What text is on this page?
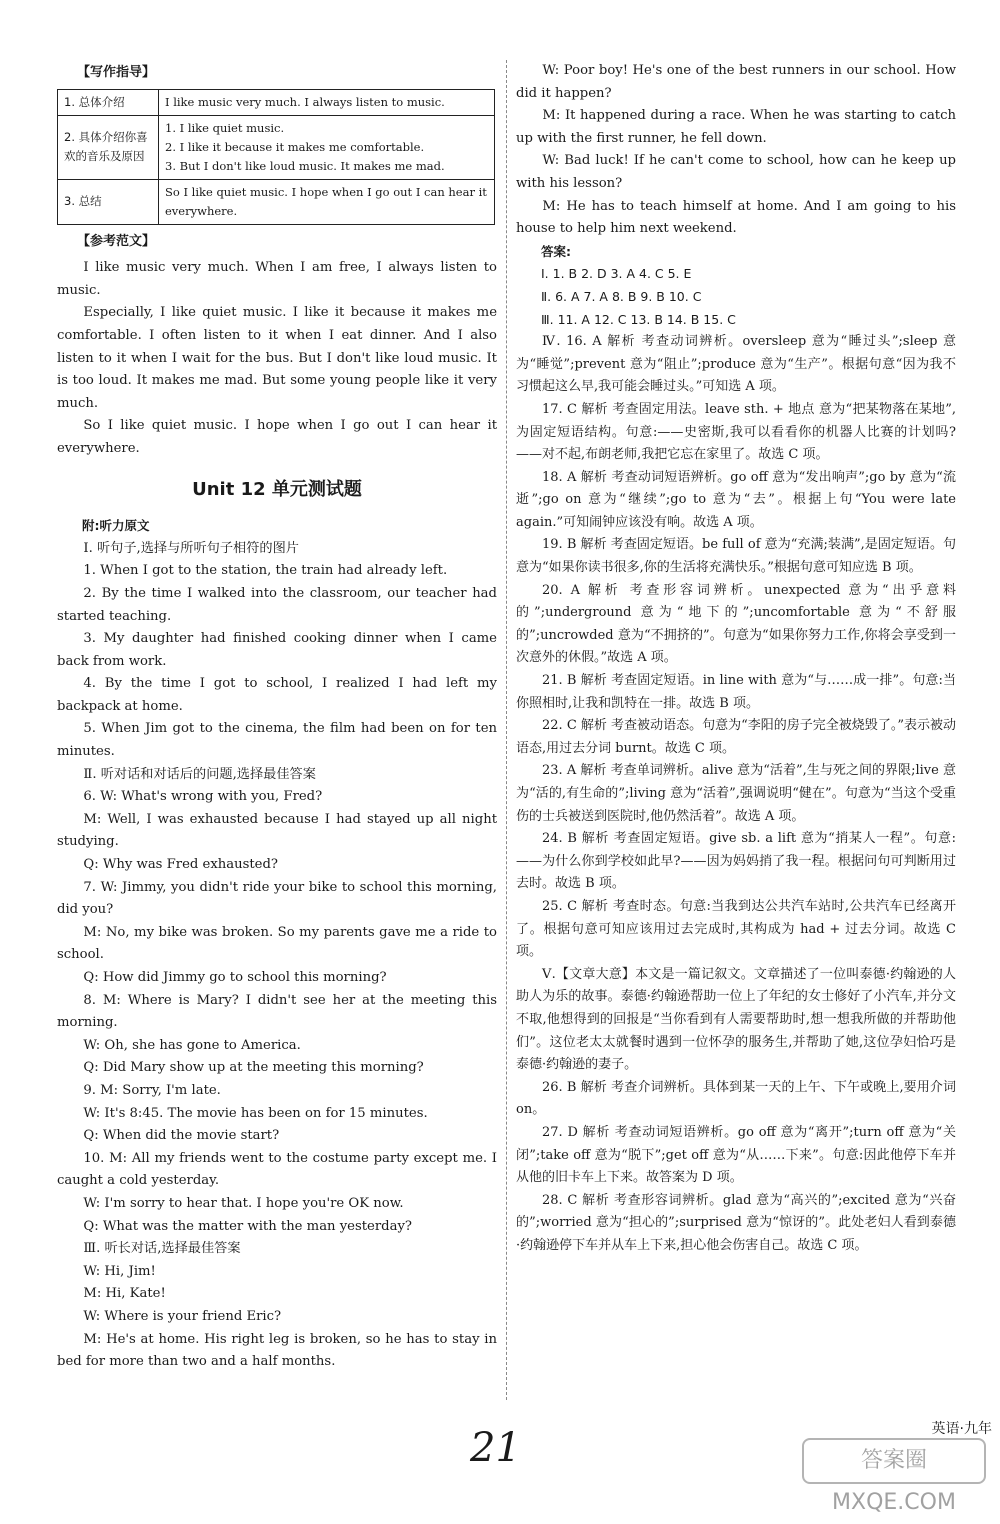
【写作指导】
1. 总体介绍	I like music very much. I always listen to music.
2. 具体介绍你喜欢的音乐及原因	1. I like quiet music.
2. I like it because it makes me comfortable.
3. But I don't like loud music. It makes me mad.
3. 总结	So I like quiet music. I hope when I go out I can hear it everywhere.
【参考范文】

I like music very much. When I am free, I always listen to music.

Especially, I like quiet music. I like it because it makes me comfortable. I often listen to it when I eat dinner. And I also listen to it when I wait for the bus. But I don't like loud music. It is too loud. It makes me mad. But some young people like it very much.

So I like quiet music. I hope when I go out I can hear it everywhere.

Unit 12 单元测试题
附:听力原文

Ⅰ. 听句子,选择与所听句子相符的图片

1. When I got to the station, the train had already left.

2. By the time I walked into the classroom, our teacher had started teaching.

3. My daughter had finished cooking dinner when I came back from work.

4. By the time I got to school, I realized I had left my backpack at home.

5. When Jim got to the cinema, the film had been on for ten minutes.

Ⅱ. 听对话和对话后的问题,选择最佳答案

6. W: What's wrong with you, Fred?

M: Well, I was exhausted because I had stayed up all night studying.

Q: Why was Fred exhausted?

7. W: Jimmy, you didn't ride your bike to school this morning, did you?

M: No, my bike was broken. So my parents gave me a ride to school.

Q: How did Jimmy go to school this morning?

8. M: Where is Mary? I didn't see her at the meeting this morning.

W: Oh, she has gone to America.

Q: Did Mary show up at the meeting this morning?

9. M: Sorry, I'm late.

W: It's 8:45. The movie has been on for 15 minutes.

Q: When did the movie start?

10. M: All my friends went to the costume party except me. I caught a cold yesterday.

W: I'm sorry to hear that. I hope you're OK now.

Q: What was the matter with the man yesterday?

Ⅲ. 听长对话,选择最佳答案

W: Hi, Jim!

M: Hi, Kate!

W: Where is your friend Eric?

M: He's at home. His right leg is broken, so he has to stay in bed for more than two and a half months.

W: Poor boy! He's one of the best runners in our school. How did it happen?

M: It happened during a race. When he was starting to catch up with the first runner, he fell down.

W: Bad luck! If he can't come to school, how can he keep up with his lesson?

M: He has to teach himself at home. And I am going to his house to help him next weekend.

答案:

Ⅰ. 1. B 2. D 3. A 4. C 5. E

Ⅱ. 6. A 7. A 8. B 9. B 10. C

Ⅲ. 11. A 12. C 13. B 14. B 15. C

Ⅳ. 16. A 解析 考查动词辨析。oversleep 意为“睡过头”;sleep 意为“睡觉”;prevent 意为“阻止”;produce 意为“生产”。根据句意“因为我不习惯起这么早,我可能会睡过头。”可知选 A 项。

17. C 解析 考查固定用法。leave sth. + 地点 意为“把某物落在某地”,为固定短语结构。句意:——史密斯,我可以看看你的机器人比赛的计划吗?——对不起,布朗老师,我把它忘在家里了。故选 C 项。

18. A 解析 考查动词短语辨析。go off 意为“发出响声”;go by 意为“流逝”;go on 意为“继续”;go to 意为“去”。根据上句“You were late again.”可知闹钟应该没有响。故选 A 项。

19. B 解析 考查固定短语。be full of 意为“充满;装满”,是固定短语。句意为“如果你读书很多,你的生活将充满快乐。”根据句意可知应选 B 项。

20. A 解析 考查形容词辨析。unexpected 意为“出乎意料的”;underground 意为“地下的”;uncomfortable 意为“不舒服的”;uncrowded 意为“不拥挤的”。句意为“如果你努力工作,你将会享受到一次意外的休假。”故选 A 项。

21. B 解析 考查固定短语。in line with 意为“与……成一排”。句意:当你照相时,让我和凯特在一排。故选 B 项。

22. C 解析 考查被动语态。句意为“李阳的房子完全被烧毁了。”表示被动语态,用过去分词 burnt。故选 C 项。

23. A 解析 考查单词辨析。alive 意为“活着”,生与死之间的界限;live 意为“活的,有生命的”;living 意为“活着”,强调说明“健在”。句意为“当这个受重伤的士兵被送到医院时,他仍然活着”。故选 A 项。

24. B 解析 考查固定短语。give sb. a lift 意为“捎某人一程”。句意:——为什么你到学校如此早?——因为妈妈捎了我一程。根据问句可判断用过去时。故选 B 项。

25. C 解析 考查时态。句意:当我到达公共汽车站时,公共汽车已经离开了。根据句意可知应该用过去完成时,其构成为 had + 过去分词。故选 C 项。

Ⅴ.【文章大意】本文是一篇记叙文。文章描述了一位叫泰德·约翰逊的人助人为乐的故事。泰德·约翰逊帮助一位上了年纪的女士修好了小汽车,并分文不取,他想得到的回报是“当你看到有人需要帮助时,想一想我所做的并帮助他们”。这位老太太就餐时遇到一位怀孕的服务生,并帮助了她,这位孕妇恰巧是泰德·约翰逊的妻子。

26. B 解析 考查介词辨析。具体到某一天的上午、下午或晚上,要用介词 on。

27. D 解析 考查动词短语辨析。go off 意为“离开”;turn off 意为“关闭”;take off 意为“脱下”;get off 意为“从……下来”。句意:因此他停下车并从他的旧卡车上下来。故答案为 D 项。

28. C 解析 考查形容词辨析。glad 意为“高兴的”;excited 意为“兴奋的”;worried 意为“担心的”;surprised 意为“惊讶的”。此处老妇人看到泰德·约翰逊停下车并从车上下来,担心他会伤害自己。故选 C 项。

21	英语·九年
答案圈 MXQE.COM
